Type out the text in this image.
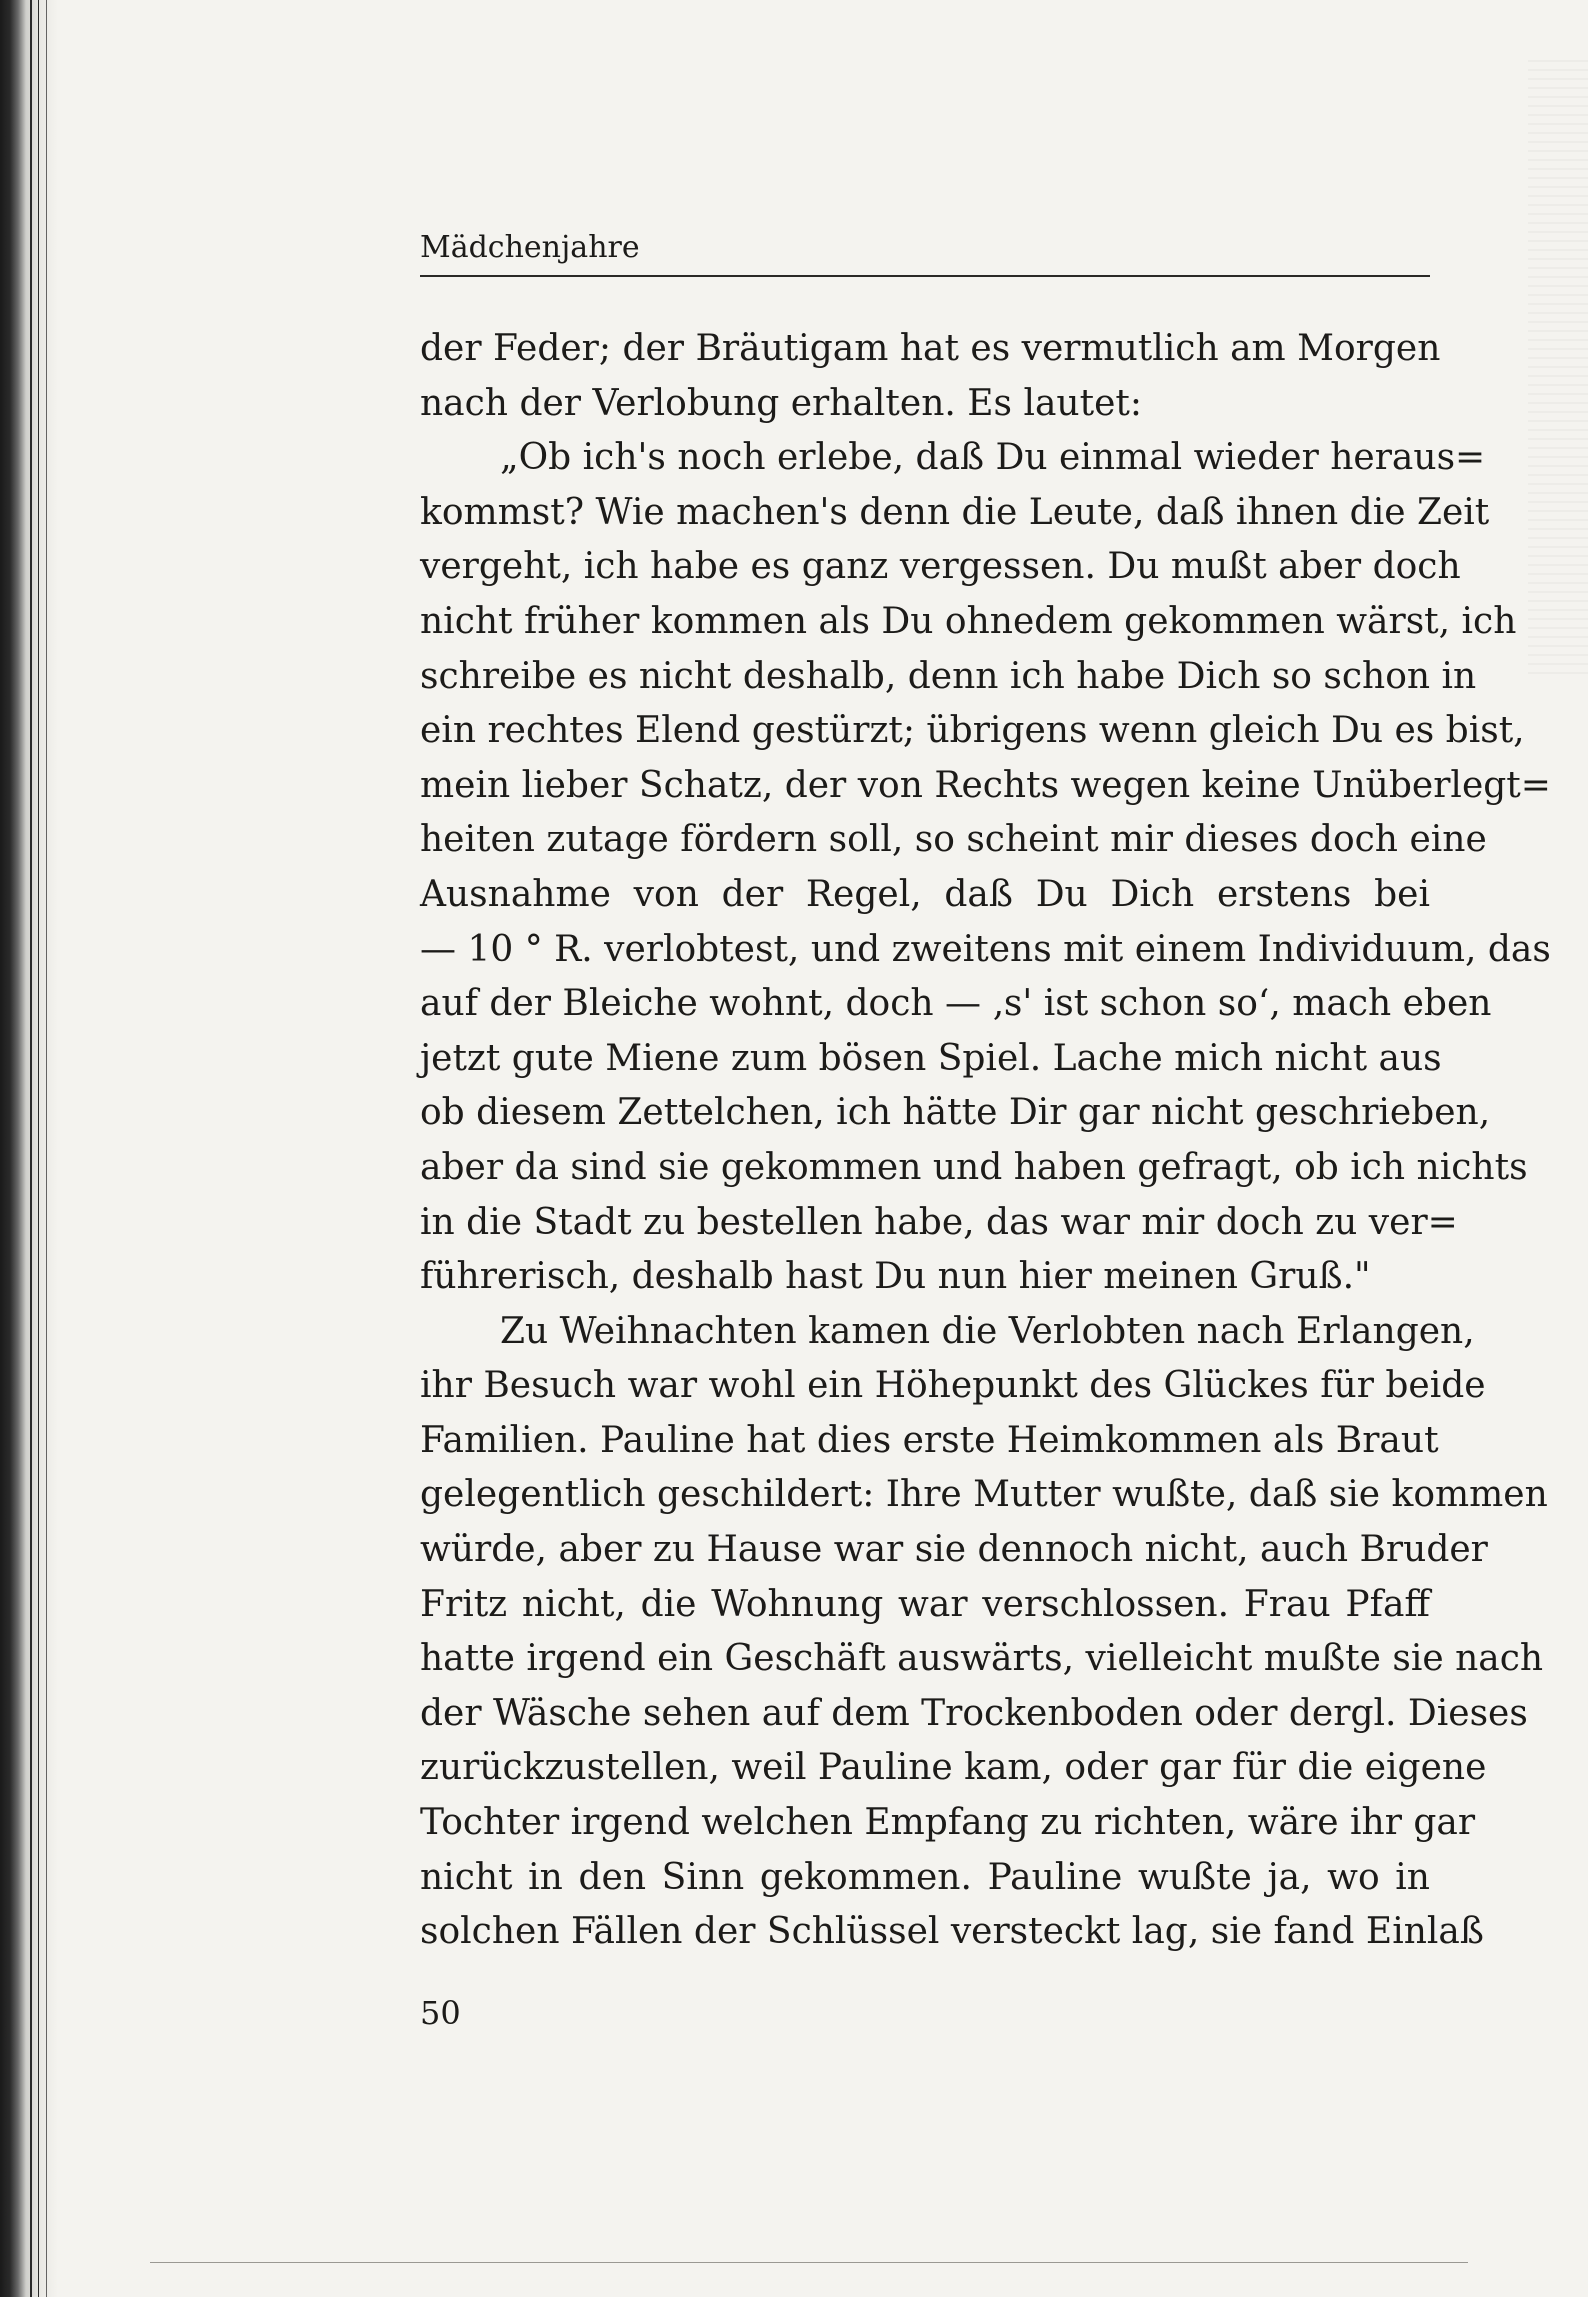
Mädchenjahre
der Feder; der Bräutigam hat es vermutlich am Morgen
nach der Verlobung erhalten. Es lautet:
„Ob ich's noch erlebe, daß Du einmal wieder heraus=
kommst? Wie machen's denn die Leute, daß ihnen die Zeit
vergeht, ich habe es ganz vergessen. Du mußt aber doch
nicht früher kommen als Du ohnedem gekommen wärst, ich
schreibe es nicht deshalb, denn ich habe Dich so schon in
ein rechtes Elend gestürzt; übrigens wenn gleich Du es bist,
mein lieber Schatz, der von Rechts wegen keine Unüberlegt=
heiten zutage fördern soll, so scheint mir dieses doch eine
Ausnahme von der Regel, daß Du Dich erstens bei
— 10 ° R. verlobtest, und zweitens mit einem Individuum, das
auf der Bleiche wohnt, doch — ‚s' ist schon so‘, mach eben
jetzt gute Miene zum bösen Spiel. Lache mich nicht aus
ob diesem Zettelchen, ich hätte Dir gar nicht geschrieben,
aber da sind sie gekommen und haben gefragt, ob ich nichts
in die Stadt zu bestellen habe, das war mir doch zu ver=
führerisch, deshalb hast Du nun hier meinen Gruß."
Zu Weihnachten kamen die Verlobten nach Erlangen,
ihr Besuch war wohl ein Höhepunkt des Glückes für beide
Familien. Pauline hat dies erste Heimkommen als Braut
gelegentlich geschildert: Ihre Mutter wußte, daß sie kommen
würde, aber zu Hause war sie dennoch nicht, auch Bruder
Fritz nicht, die Wohnung war verschlossen. Frau Pfaff
hatte irgend ein Geschäft auswärts, vielleicht mußte sie nach
der Wäsche sehen auf dem Trockenboden oder dergl. Dieses
zurückzustellen, weil Pauline kam, oder gar für die eigene
Tochter irgend welchen Empfang zu richten, wäre ihr gar
nicht in den Sinn gekommen. Pauline wußte ja, wo in
solchen Fällen der Schlüssel versteckt lag, sie fand Einlaß
50
